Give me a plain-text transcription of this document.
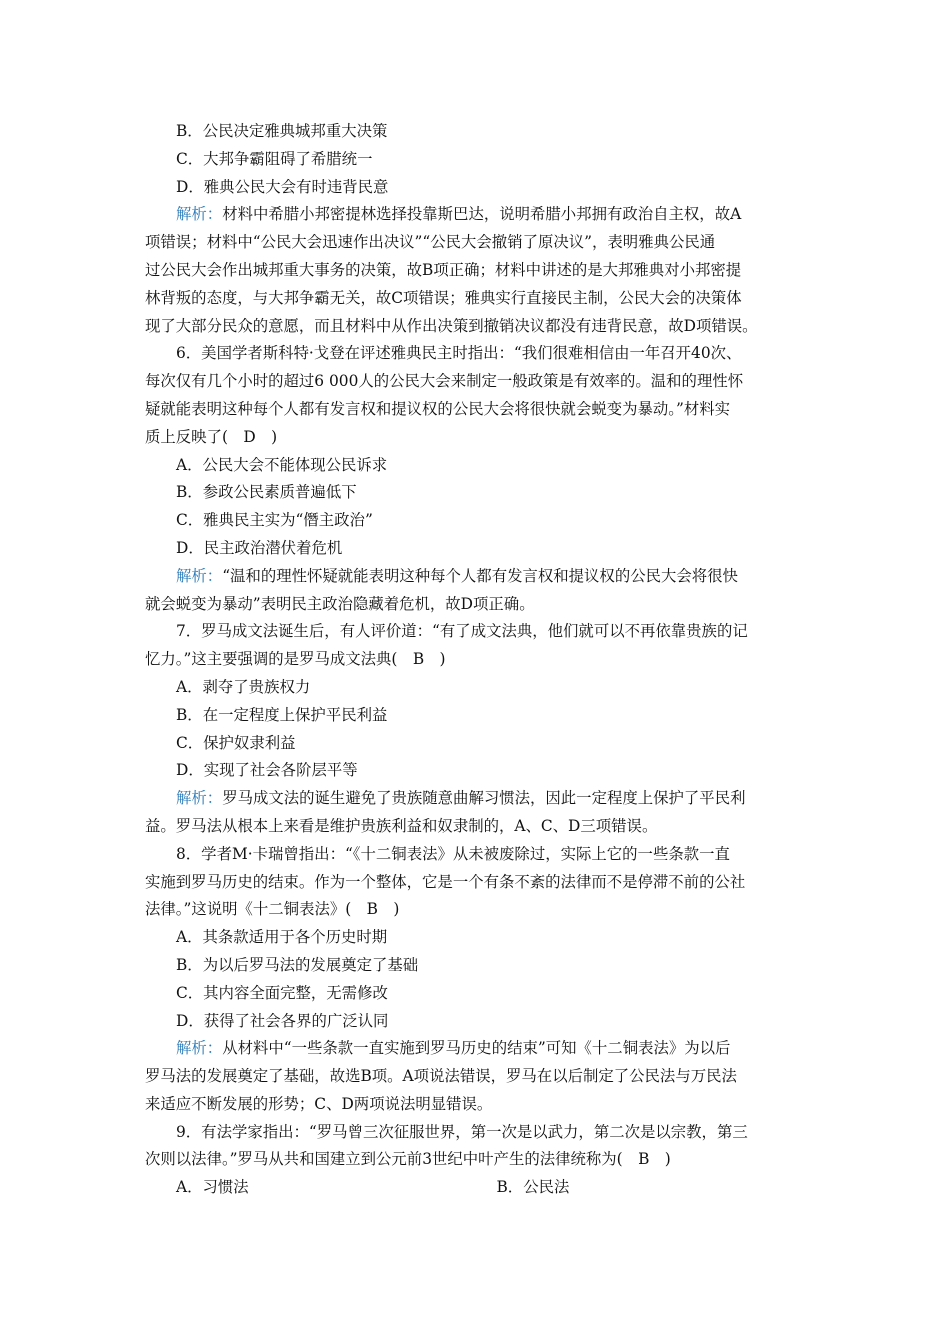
B．公民决定雅典城邦重大决策
C．大邦争霸阻碍了希腊统一
D．雅典公民大会有时违背民意
解析：材料中希腊小邦密提林选择投靠斯巴达，说明希腊小邦拥有政治自主权，故A
项错误；材料中“公民大会迅速作出决议”“公民大会撤销了原决议”，表明雅典公民通
过公民大会作出城邦重大事务的决策，故B项正确；材料中讲述的是大邦雅典对小邦密提
林背叛的态度，与大邦争霸无关，故C项错误；雅典实行直接民主制，公民大会的决策体
现了大部分民众的意愿，而且材料中从作出决策到撤销决议都没有违背民意，故D项错误。
6．美国学者斯科特·戈登在评述雅典民主时指出：“我们很难相信由一年召开40次、
每次仅有几个小时的超过6 000人的公民大会来制定一般政策是有效率的。温和的理性怀
疑就能表明这种每个人都有发言权和提议权的公民大会将很快就会蜕变为暴动。”材料实
质上反映了(　D　)
A．公民大会不能体现公民诉求
B．参政公民素质普遍低下
C．雅典民主实为“僭主政治”
D．民主政治潜伏着危机
解析：“温和的理性怀疑就能表明这种每个人都有发言权和提议权的公民大会将很快
就会蜕变为暴动”表明民主政治隐藏着危机，故D项正确。
7．罗马成文法诞生后，有人评价道：“有了成文法典，他们就可以不再依靠贵族的记
忆力。”这主要强调的是罗马成文法典(　B　)
A．剥夺了贵族权力
B．在一定程度上保护平民利益
C．保护奴隶利益
D．实现了社会各阶层平等
解析：罗马成文法的诞生避免了贵族随意曲解习惯法，因此一定程度上保护了平民利
益。罗马法从根本上来看是维护贵族利益和奴隶制的，A、C、D三项错误。
8．学者M·卡瑞曾指出：“《十二铜表法》从未被废除过，实际上它的一些条款一直
实施到罗马历史的结束。作为一个整体，它是一个有条不紊的法律而不是停滞不前的公社
法律。”这说明《十二铜表法》(　B　)
A．其条款适用于各个历史时期
B．为以后罗马法的发展奠定了基础
C．其内容全面完整，无需修改
D．获得了社会各界的广泛认同
解析：从材料中“一些条款一直实施到罗马历史的结束”可知《十二铜表法》为以后
罗马法的发展奠定了基础，故选B项。A项说法错误，罗马在以后制定了公民法与万民法
来适应不断发展的形势；C、D两项说法明显错误。
9．有法学家指出：“罗马曾三次征服世界，第一次是以武力，第二次是以宗教，第三
次则以法律。”罗马从共和国建立到公元前3世纪中叶产生的法律统称为(　B　)
A．习惯法	B．公民法
